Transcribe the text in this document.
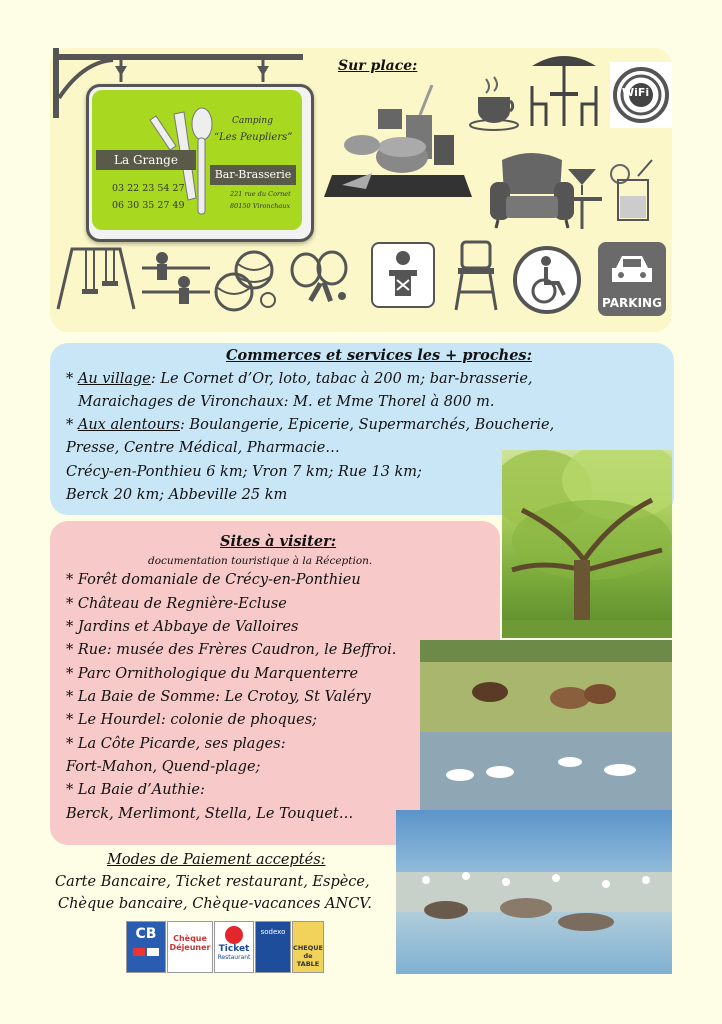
Camping
“Les Peupliers”
La Grange
Bar-Brasserie
03 22 23 54 27
06 30 35 27 49
221 rue du Cornet
80150 Vironchaux
Sur place:
WiFi
PARKING
Commerces et services les + proches:
* Au village: Le Cornet d’Or, loto, tabac à 200 m; bar-brasserie,
Maraichages de Vironchaux: M. et Mme Thorel à 800 m.
* Aux alentours: Boulangerie, Epicerie, Supermarchés, Boucherie,
Presse, Centre Médical, Pharmacie…
Crécy-en-Ponthieu 6 km; Vron 7 km; Rue 13 km;
Berck 20 km; Abbeville 25 km
Sites à visiter:
documentation touristique à la Réception.
* Forêt domaniale de Crécy-en-Ponthieu
* Château de Regnière-Ecluse
* Jardins et Abbaye de Valloires
* Rue: musée des Frères Caudron, le Beffroi.
* Parc Ornithologique du Marquenterre
* La Baie de Somme: Le Crotoy, St Valéry
* Le Hourdel: colonie de phoques;
* La Côte Picarde, ses plages:
Fort-Mahon, Quend-plage;
* La Baie d’Authie:
Berck, Merlimont, Stella, Le Touquet…
Modes de Paiement acceptés:
Carte Bancaire, Ticket restaurant, Espèce,
Chèque bancaire, Chèque-vacances ANCV.
CB	Chèque Déjeuner Ticket
Restaurant
sodexo
CHEQUE de TABLE
